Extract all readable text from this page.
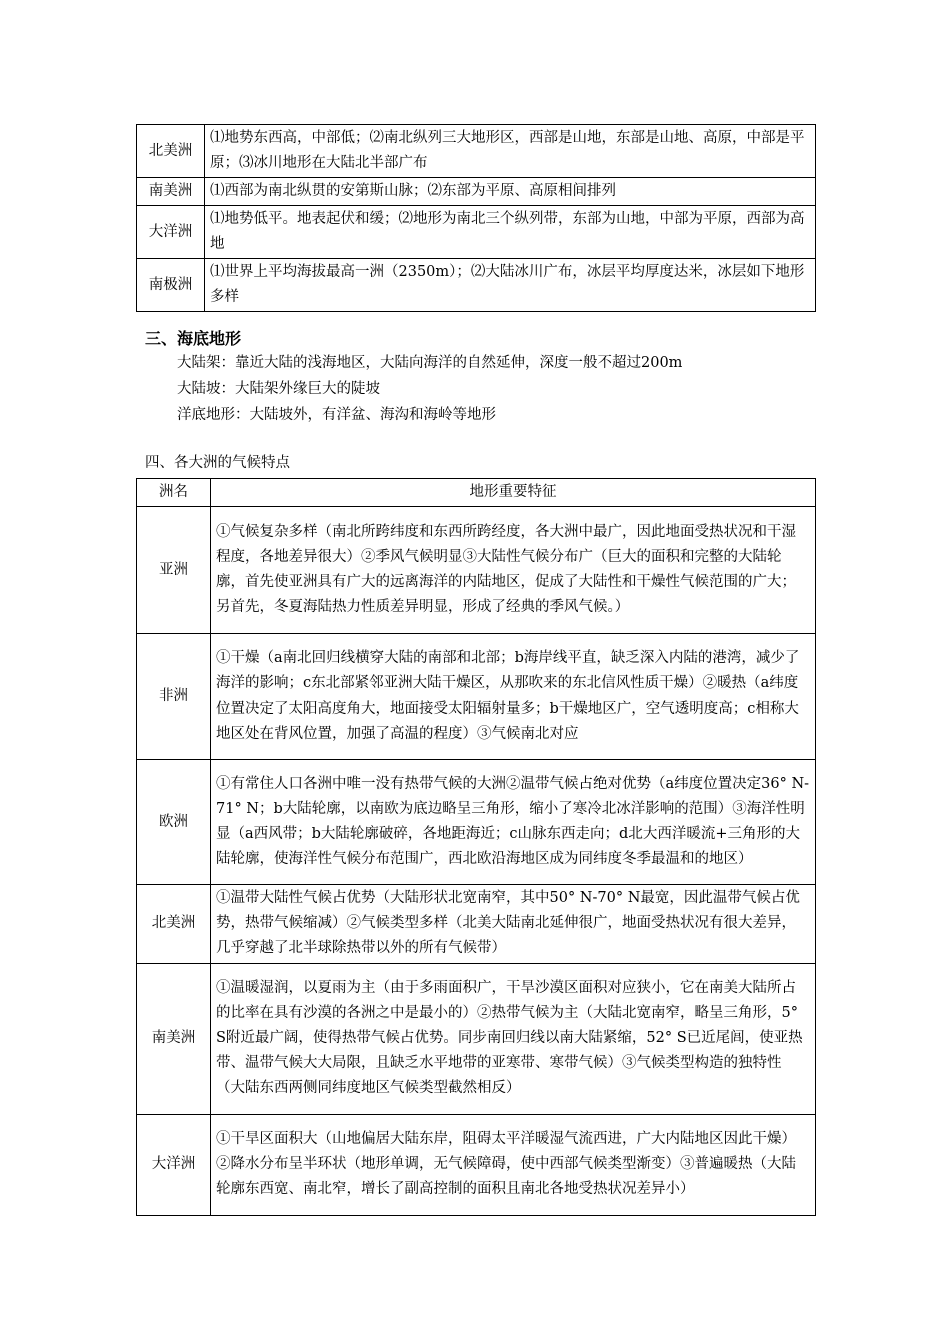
北美洲	⑴地势东西高，中部低；⑵南北纵列三大地形区，西部是山地，东部是山地、高原，中部是平原；⑶冰川地形在大陆北半部广布
南美洲	⑴西部为南北纵贯的安第斯山脉；⑵东部为平原、高原相间排列
大洋洲	⑴地势低平。地表起伏和缓；⑵地形为南北三个纵列带，东部为山地，中部为平原，西部为高地
南极洲	⑴世界上平均海拔最高一洲（2350m）；⑵大陆冰川广布，冰层平均厚度达米，冰层如下地形多样
三、海底地形
大陆架：靠近大陆的浅海地区，大陆向海洋的自然延伸，深度一般不超过200m
大陆坡：大陆架外缘巨大的陡坡
洋底地形：大陆坡外，有洋盆、海沟和海岭等地形
四、各大洲的气候特点
洲名	地形重要特征
亚洲	①气候复杂多样（南北所跨纬度和东西所跨经度，各大洲中最广，因此地面受热状况和干湿程度，各地差异很大）②季风气候明显③大陆性气候分布广（巨大的面积和完整的大陆轮廓，首先使亚洲具有广大的远离海洋的内陆地区，促成了大陆性和干燥性气候范围的广大；另首先，冬夏海陆热力性质差异明显，形成了经典的季风气候。）
非洲	①干燥（a南北回归线横穿大陆的南部和北部；b海岸线平直，缺乏深入内陆的港湾，减少了海洋的影响；c东北部紧邻亚洲大陆干燥区，从那吹来的东北信风性质干燥）②暖热（a纬度位置决定了太阳高度角大，地面接受太阳辐射量多；b干燥地区广，空气透明度高；c相称大地区处在背风位置，加强了高温的程度）③气候南北对应
欧洲	①有常住人口各洲中唯一没有热带气候的大洲②温带气候占绝对优势（a纬度位置决定36° N-71° N；b大陆轮廓，以南欧为底边略呈三角形，缩小了寒冷北冰洋影响的范围）③海洋性明显（a西风带；b大陆轮廓破碎，各地距海近；c山脉东西走向；d北大西洋暖流+三角形的大陆轮廓，使海洋性气候分布范围广，西北欧沿海地区成为同纬度冬季最温和的地区）
北美洲	①温带大陆性气候占优势（大陆形状北宽南窄，其中50° N-70° N最宽，因此温带气候占优势，热带气候缩减）②气候类型多样（北美大陆南北延伸很广，地面受热状况有很大差异，几乎穿越了北半球除热带以外的所有气候带）
南美洲	①温暖湿润，以夏雨为主（由于多雨面积广，干旱沙漠区面积对应狭小，它在南美大陆所占的比率在具有沙漠的各洲之中是最小的）②热带气候为主（大陆北宽南窄，略呈三角形，5° S附近最广阔，使得热带气候占优势。同步南回归线以南大陆紧缩，52° S已近尾闾，使亚热带、温带气候大大局限，且缺乏水平地带的亚寒带、寒带气候）③气候类型构造的独特性（大陆东西两侧同纬度地区气候类型截然相反）
大洋洲	①干旱区面积大（山地偏居大陆东岸，阻碍太平洋暖湿气流西进，广大内陆地区因此干燥）②降水分布呈半环状（地形单调，无气候障碍，使中西部气候类型渐变）③普遍暖热（大陆轮廓东西宽、南北窄，增长了副高控制的面积且南北各地受热状况差异小）
